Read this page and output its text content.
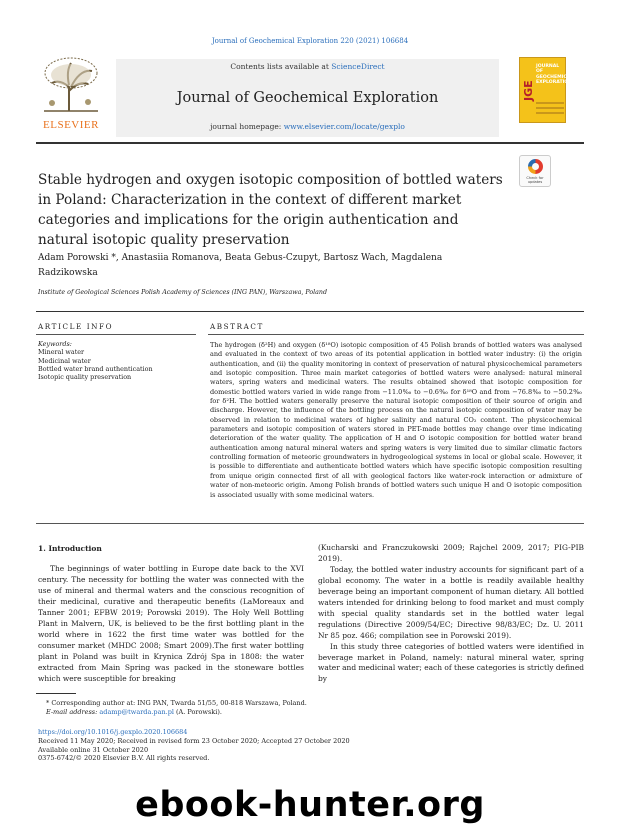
Journal of Geochemical Exploration 220 (2021) 106684
ELSEVIER
Contents lists available at ScienceDirect
Journal of Geochemical Exploration
journal homepage: www.elsevier.com/locate/gexplo
JGE
JOURNAL OF GEOCHEMICAL EXPLORATION
Check for updates
Stable hydrogen and oxygen isotopic composition of bottled waters in Poland: Characterization in the context of different market categories and implications for the origin authentication and natural isotopic quality preservation
Adam Porowski *, Anastasiia Romanova, Beata Gebus-Czupyt, Bartosz Wach, Magdalena Radzikowska
Institute of Geological Sciences Polish Academy of Sciences (ING PAN), Warszawa, Poland
ARTICLE INFO	ABSTRACT
Keywords:
Mineral water
Medicinal water
Bottled water brand authentication
Isotopic quality preservation
The hydrogen (δ²H) and oxygen (δ¹⁸O) isotopic composition of 45 Polish brands of bottled waters was analysed and evaluated in the context of two areas of its potential application in bottled water industry: (i) the origin authentication, and (ii) the quality monitoring in context of preservation of natural physicochemical parameters and isotopic composition. Three main market categories of bottled waters were analysed: natural mineral waters, spring waters and medicinal waters. The results obtained showed that isotopic composition for domestic bottled waters varied in wide range from −11.0‰ to −0.6‰ for δ¹⁸O and from −76.8‰ to −50.2‰ for δ²H. The bottled waters generally preserve the natural isotopic composition of their source of origin and discharge. However, the influence of the bottling process on the natural isotopic composition of water may be observed in relation to medicinal waters of higher salinity and natural CO₂ content. The physicochemical parameters and isotopic composition of waters stored in PET-made bottles may change over time indicating deterioration of the water quality. The application of H and O isotopic composition for bottled water brand authentication among natural mineral waters and spring waters is very limited due to similar climatic factors controlling formation of meteoric groundwaters in hydrogeological systems in local or global scale. However, it is possible to differentiate and authenticate bottled waters which have specific isotopic composition resulting from unique origin connected first of all with geological factors like water-rock interaction or admixture of water of non-meteoric origin. Among Polish brands of bottled waters such unique H and O isotopic composition is associated usually with some medicinal waters.
1. Introduction

The beginnings of water bottling in Europe date back to the XVI century. The necessity for bottling the water was connected with the use of mineral and thermal waters and the conscious recognition of their medicinal, curative and therapeutic benefits (LaMoreaux and Tanner 2001; EFBW 2019; Porowski 2019). The Holy Well Bottling Plant in Malvern, UK, is believed to be the first bottling plant in the world where in 1622 the first time water was bottled for the consumer market (MHDC 2008; Smart 2009).The first water bottling plant in Poland was built in Krynica Zdrój Spa in 1808: the water extracted from Main Spring was packed in the stoneware bottles which were susceptible for breaking

(Kucharski and Franczukowski 2009; Rajchel 2009, 2017; PIG-PIB 2019).

Today, the bottled water industry accounts for significant part of a global economy. The water in a bottle is readily available healthy beverage being an important component of human dietary. All bottled waters intended for drinking belong to food market and must comply with special quality standards set in the bottled water legal regulations (Directive 2009/54/EC; Directive 98/83/EC; Dz. U. 2011 Nr 85 poz. 466; compilation see in Porowski 2019).

In this study three categories of bottled waters were identified in beverage market in Poland, namely: natural mineral water, spring water and medicinal water; each of these categories is strictly defined by

* Corresponding author at: ING PAN, Twarda 51/55, 00-818 Warszawa, Poland.
E-mail address: adamp@twarda.pan.pl (A. Porowski).
https://doi.org/10.1016/j.gexplo.2020.106684
Received 11 May 2020; Received in revised form 23 October 2020; Accepted 27 October 2020
Available online 31 October 2020
0375-6742/© 2020 Elsevier B.V. All rights reserved.
ebook-hunter.org
